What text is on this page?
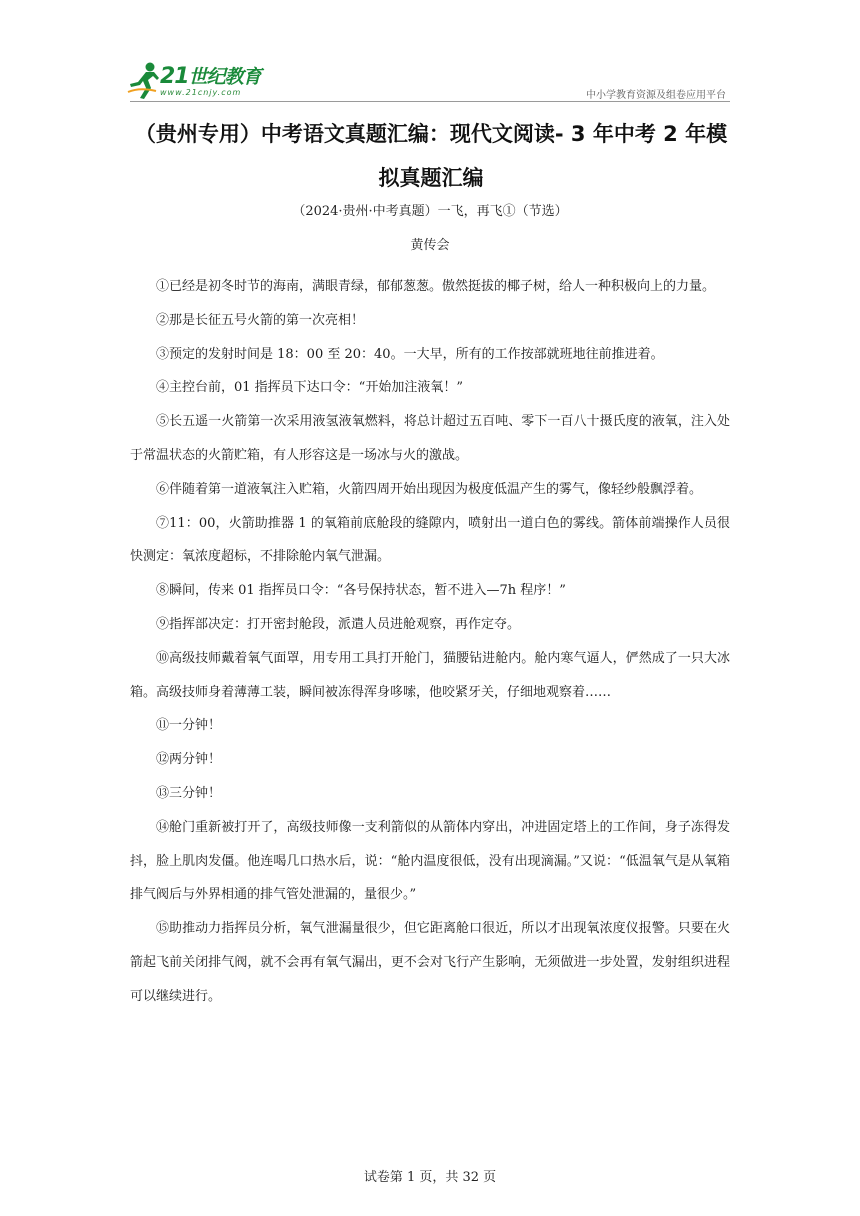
21世纪教育
www.21cnjy.com	中小学教育资源及组卷应用平台
（贵州专用）中考语文真题汇编：现代文阅读- 3 年中考 2 年模拟真题汇编
（2024·贵州·中考真题）一飞，再飞①（节选）
黄传会

①已经是初冬时节的海南，满眼青绿，郁郁葱葱。傲然挺拔的椰子树，给人一种积极向上的力量。

②那是长征五号火箭的第一次亮相！

③预定的发射时间是 18：00 至 20：40。一大早，所有的工作按部就班地往前推进着。

④主控台前，01 指挥员下达口令：“开始加注液氧！”

⑤长五遥一火箭第一次采用液氢液氧燃料，将总计超过五百吨、零下一百八十摄氏度的液氧，注入处于常温状态的火箭贮箱，有人形容这是一场冰与火的激战。

⑥伴随着第一道液氧注入贮箱，火箭四周开始出现因为极度低温产生的雾气，像轻纱般飘浮着。

⑦11：00，火箭助推器 1 的氧箱前底舱段的缝隙内，喷射出一道白色的雾线。箭体前端操作人员很快测定：氧浓度超标，不排除舱内氧气泄漏。

⑧瞬间，传来 01 指挥员口令：“各号保持状态，暂不进入—7h 程序！”

⑨指挥部决定：打开密封舱段，派遣人员进舱观察，再作定夺。

⑩高级技师戴着氧气面罩，用专用工具打开舱门，猫腰钻进舱内。舱内寒气逼人，俨然成了一只大冰箱。高级技师身着薄薄工装，瞬间被冻得浑身哆嗦，他咬紧牙关，仔细地观察着……

⑪一分钟！

⑫两分钟！

⑬三分钟！

⑭舱门重新被打开了，高级技师像一支利箭似的从箭体内穿出，冲进固定塔上的工作间，身子冻得发抖，脸上肌肉发僵。他连喝几口热水后，说：“舱内温度很低，没有出现滴漏。”又说：“低温氧气是从氧箱排气阀后与外界相通的排气管处泄漏的，量很少。”

⑮助推动力指挥员分析，氧气泄漏量很少，但它距离舱口很近，所以才出现氧浓度仪报警。只要在火箭起飞前关闭排气阀，就不会再有氧气漏出，更不会对飞行产生影响，无须做进一步处置，发射组织进程可以继续进行。

试卷第 1 页，共 32 页
